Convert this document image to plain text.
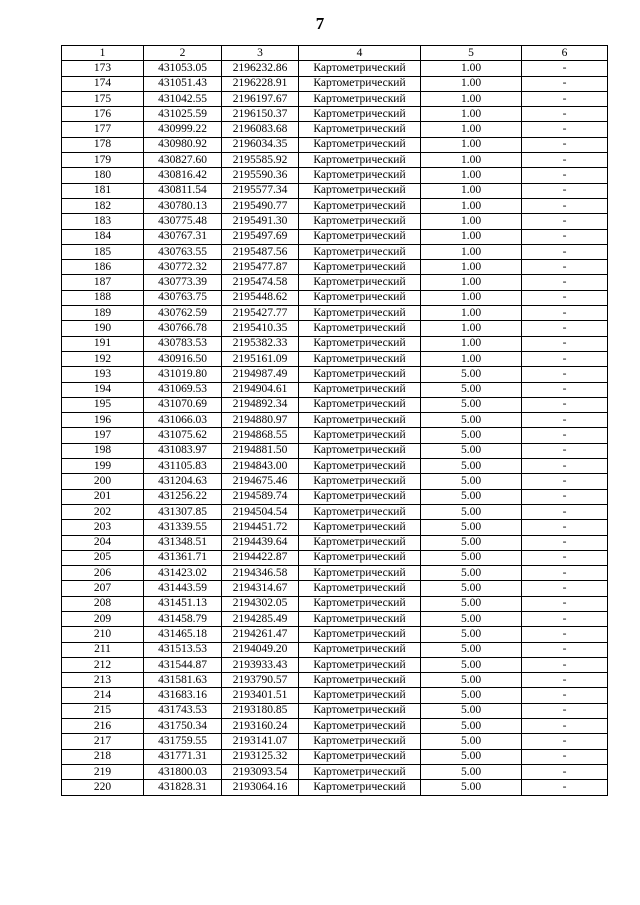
7
1	2	3	4	5	6
173	431053.05	2196232.86	Картометрический	1.00	-
174	431051.43	2196228.91	Картометрический	1.00	-
175	431042.55	2196197.67	Картометрический	1.00	-
176	431025.59	2196150.37	Картометрический	1.00	-
177	430999.22	2196083.68	Картометрический	1.00	-
178	430980.92	2196034.35	Картометрический	1.00	-
179	430827.60	2195585.92	Картометрический	1.00	-
180	430816.42	2195590.36	Картометрический	1.00	-
181	430811.54	2195577.34	Картометрический	1.00	-
182	430780.13	2195490.77	Картометрический	1.00	-
183	430775.48	2195491.30	Картометрический	1.00	-
184	430767.31	2195497.69	Картометрический	1.00	-
185	430763.55	2195487.56	Картометрический	1.00	-
186	430772.32	2195477.87	Картометрический	1.00	-
187	430773.39	2195474.58	Картометрический	1.00	-
188	430763.75	2195448.62	Картометрический	1.00	-
189	430762.59	2195427.77	Картометрический	1.00	-
190	430766.78	2195410.35	Картометрический	1.00	-
191	430783.53	2195382.33	Картометрический	1.00	-
192	430916.50	2195161.09	Картометрический	1.00	-
193	431019.80	2194987.49	Картометрический	5.00	-
194	431069.53	2194904.61	Картометрический	5.00	-
195	431070.69	2194892.34	Картометрический	5.00	-
196	431066.03	2194880.97	Картометрический	5.00	-
197	431075.62	2194868.55	Картометрический	5.00	-
198	431083.97	2194881.50	Картометрический	5.00	-
199	431105.83	2194843.00	Картометрический	5.00	-
200	431204.63	2194675.46	Картометрический	5.00	-
201	431256.22	2194589.74	Картометрический	5.00	-
202	431307.85	2194504.54	Картометрический	5.00	-
203	431339.55	2194451.72	Картометрический	5.00	-
204	431348.51	2194439.64	Картометрический	5.00	-
205	431361.71	2194422.87	Картометрический	5.00	-
206	431423.02	2194346.58	Картометрический	5.00	-
207	431443.59	2194314.67	Картометрический	5.00	-
208	431451.13	2194302.05	Картометрический	5.00	-
209	431458.79	2194285.49	Картометрический	5.00	-
210	431465.18	2194261.47	Картометрический	5.00	-
211	431513.53	2194049.20	Картометрический	5.00	-
212	431544.87	2193933.43	Картометрический	5.00	-
213	431581.63	2193790.57	Картометрический	5.00	-
214	431683.16	2193401.51	Картометрический	5.00	-
215	431743.53	2193180.85	Картометрический	5.00	-
216	431750.34	2193160.24	Картометрический	5.00	-
217	431759.55	2193141.07	Картометрический	5.00	-
218	431771.31	2193125.32	Картометрический	5.00	-
219	431800.03	2193093.54	Картометрический	5.00	-
220	431828.31	2193064.16	Картометрический	5.00	-
